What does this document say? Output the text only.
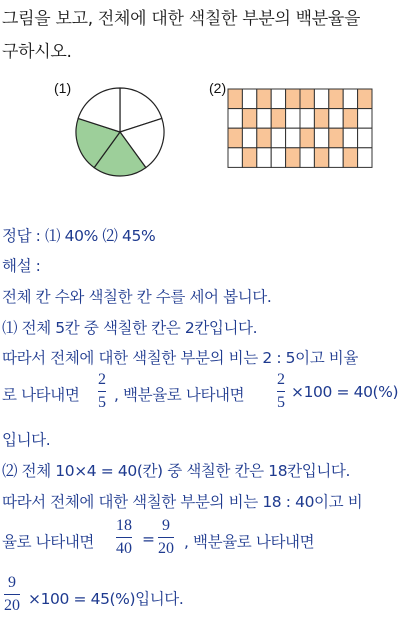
그림을 보고, 전체에 대한 색칠한 부분의 백분율을
구하시오.
(1)	(2)
정답 : ⑴ 40% ⑵ 45%
해설 :
전체 칸 수와 색칠한 칸 수를 세어 봅니다.
⑴ 전체 5칸 중 색칠한 칸은 2칸입니다.
따라서 전체에 대한 색칠한 부분의 비는 2 : 5이고 비율
로 나타내면
2
5 , 백분율로 나타내면
2
5
×100 = 40(%)
입니다.
⑵ 전체 10×4 = 40(칸) 중 색칠한 칸은 18칸입니다.
따라서 전체에 대한 색칠한 부분의 비는 18 : 40이고 비
율로 나타내면
18
40
=
9
20 , 백분율로 나타내면
9
20 ×100 = 45(%)입니다.
